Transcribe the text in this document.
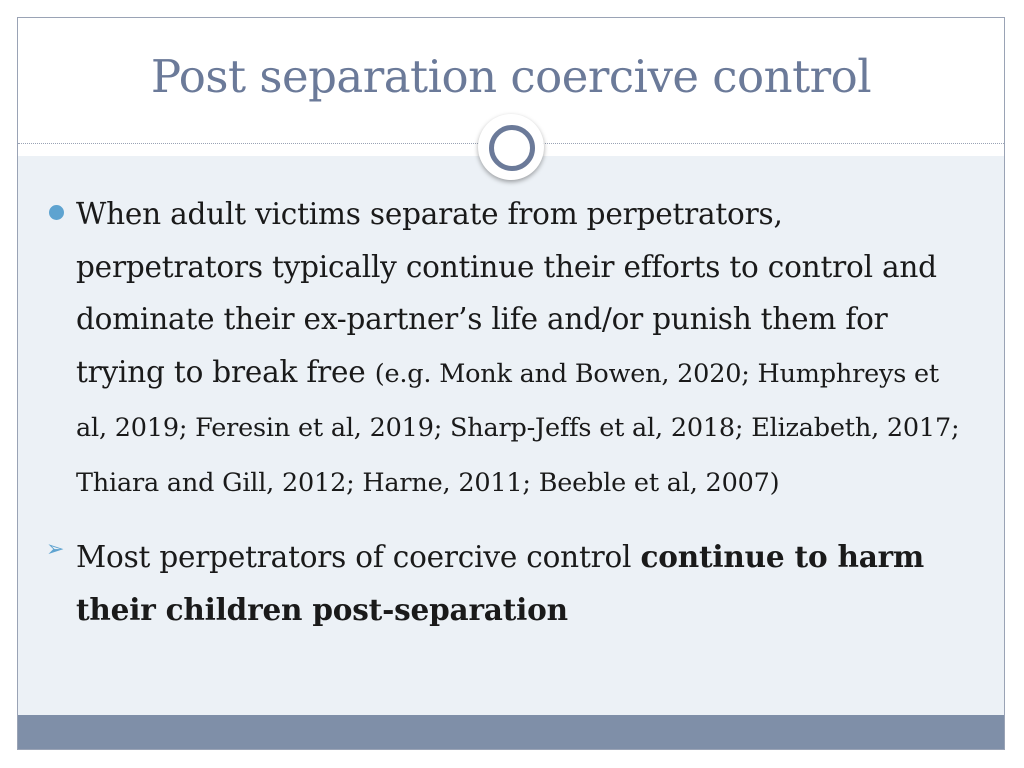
Post separation coercive control
When adult victims separate from perpetrators, perpetrators typically continue their efforts to control and dominate their ex-partner’s life and/or punish them for trying to break free (e.g. Monk and Bowen, 2020; Humphreys et al, 2019; Feresin et al, 2019; Sharp-Jeffs et al, 2018; Elizabeth, 2017; Thiara and Gill, 2012; Harne, 2011; Beeble et al, 2007)
➢ Most perpetrators of coercive control continue to harm their children post-separation
